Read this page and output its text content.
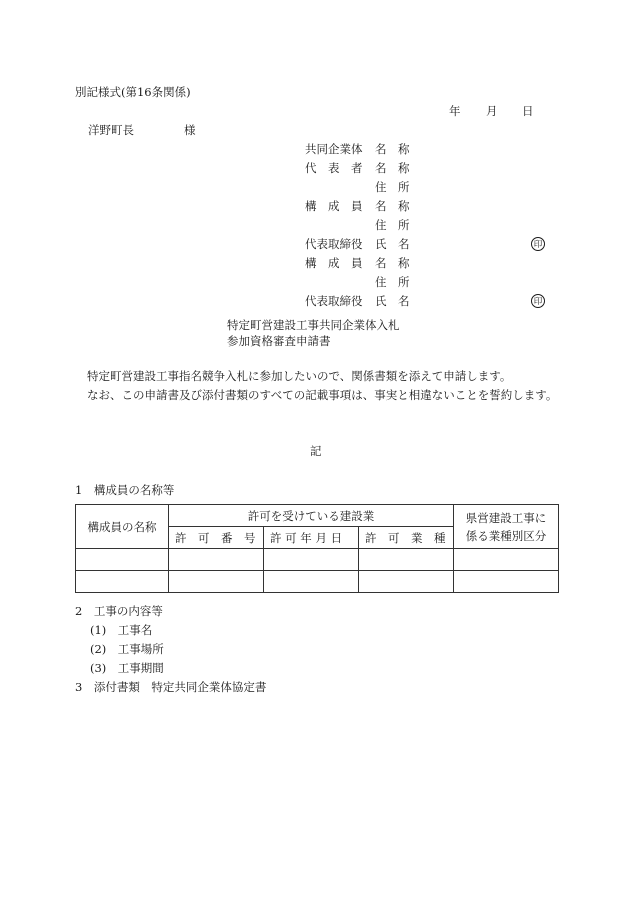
別記様式(第16条関係)
年 月 日
洋野町長	様
共同企業体 名　称
代　表　者 名　称
住　所
構　成　員 名　称
住　所
代表取締役 氏　名	印
構　成　員 名　称
住　所
代表取締役 氏　名	印
特定町営建設工事共同企業体入札
参加資格審査申請書
特定町営建設工事指名競争入札に参加したいので、関係書類を添えて申請します。
なお、この申請書及び添付書類のすべての記載事項は、事実と相違ないことを誓約します。
記
1　構成員の名称等
構成員の名称	許可を受けている建設業			県営建設工事に
係る業種別区分

	許　可　番　号	許 可 年 月 日	許　可　業　種	

2　工事の内容等
(1)　工事名
(2)　工事場所
(3)　工事期間
3　添付書類　特定共同企業体協定書
